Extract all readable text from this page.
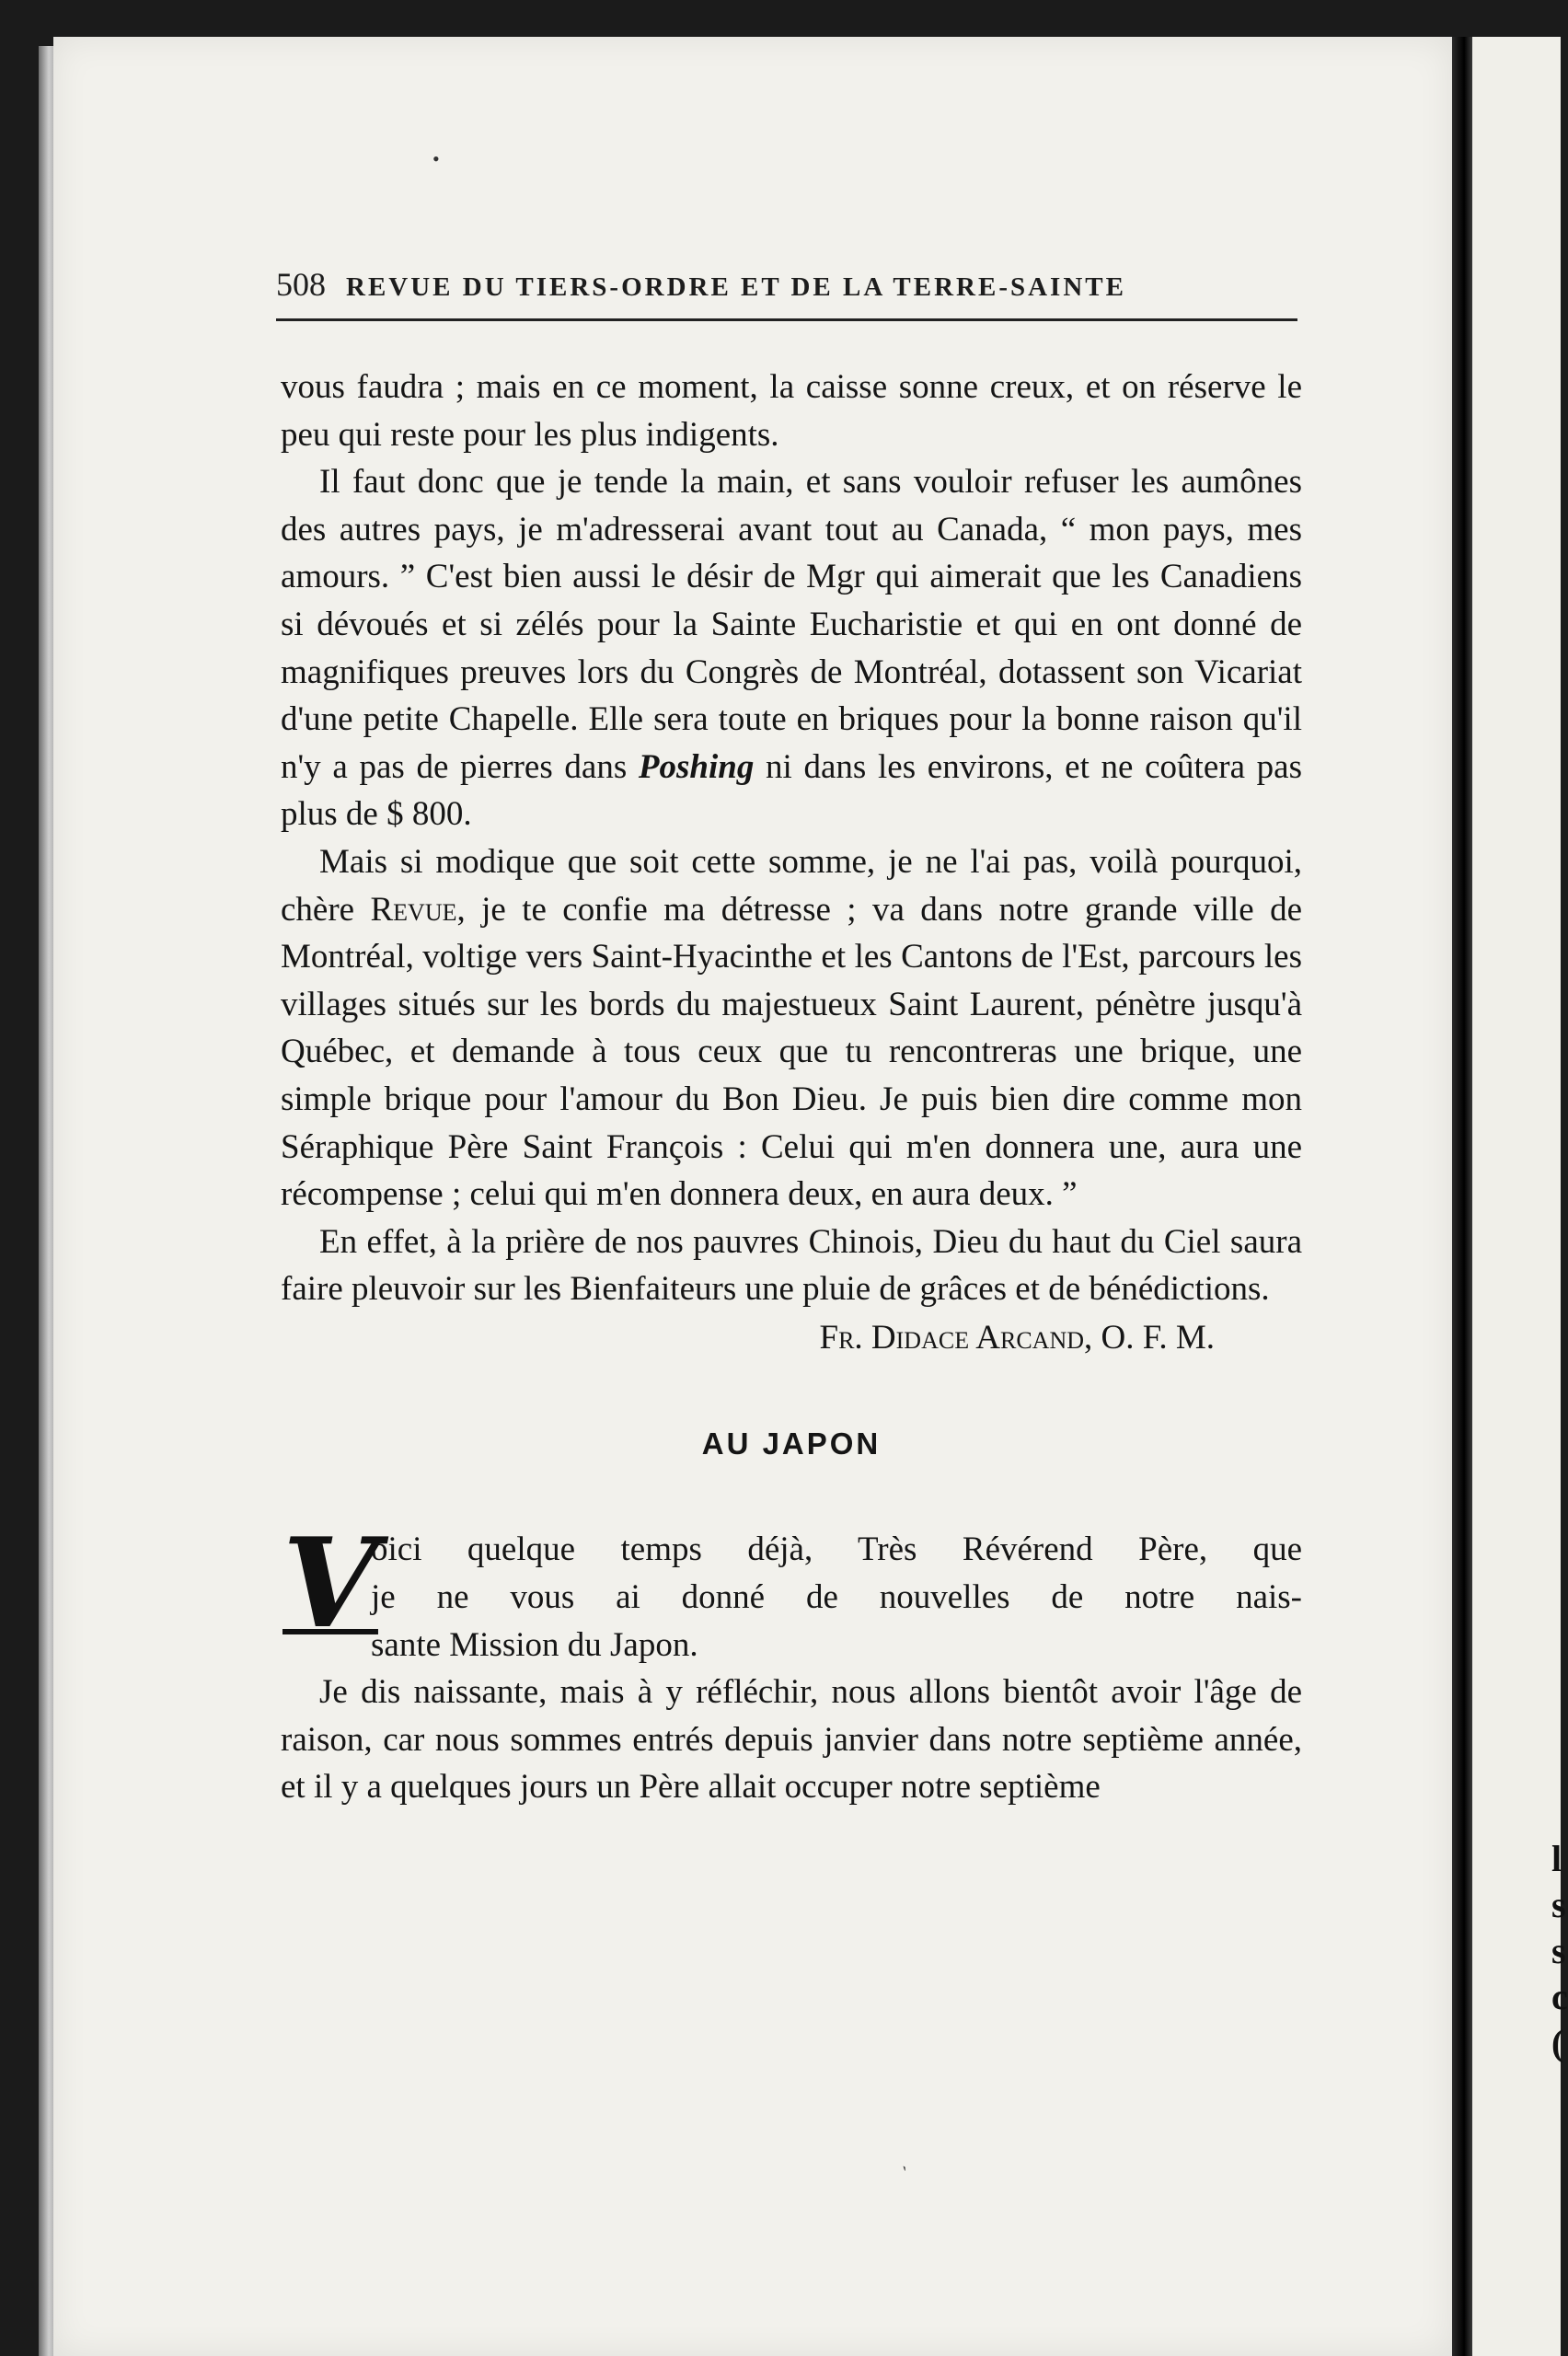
l
s
s
c
(
•
ˏ
508 REVUE DU TIERS-ORDRE ET DE LA TERRE-SAINTE

vous faudra ; mais en ce moment, la caisse sonne creux, et on réserve le peu qui reste pour les plus indigents.

Il faut donc que je tende la main, et sans vouloir refuser les aumônes des autres pays, je m'adresserai avant tout au Canada, “ mon pays, mes amours. ” C'est bien aussi le désir de Mgr qui aimerait que les Canadiens si dévoués et si zélés pour la Sainte Eucharistie et qui en ont donné de magnifiques preuves lors du Congrès de Montréal, dotassent son Vicariat d'une petite Chapelle. Elle sera toute en briques pour la bonne raison qu'il n'y a pas de pierres dans Poshing ni dans les environs, et ne coûtera pas plus de $ 800.

Mais si modique que soit cette somme, je ne l'ai pas, voilà pourquoi, chère Revue, je te confie ma détresse ; va dans notre grande ville de Montréal, voltige vers Saint-Hyacinthe et les Cantons de l'Est, parcours les villages situés sur les bords du majestueux Saint Laurent, pénètre jusqu'à Québec, et demande à tous ceux que tu rencontreras une brique, une simple brique pour l'amour du Bon Dieu. Je puis bien dire comme mon Séraphique Père Saint François : Celui qui m'en donnera une, aura une récompense ; celui qui m'en donnera deux, en aura deux. ”

En effet, à la prière de nos pauvres Chinois, Dieu du haut du Ciel saura faire pleuvoir sur les Bienfaiteurs une pluie de grâces et de bénédictions.

Fr. Didace Arcand, O. F. M.

AU JAPON
V
oici quelque temps déjà, Très Révérend Père, que
je ne vous ai donné de nouvelles de notre nais-
sante Mission du Japon.

Je dis naissante, mais à y réfléchir, nous allons bientôt avoir l'âge de raison, car nous sommes entrés depuis janvier dans notre septième année, et il y a quelques jours un Père allait occuper notre septième
